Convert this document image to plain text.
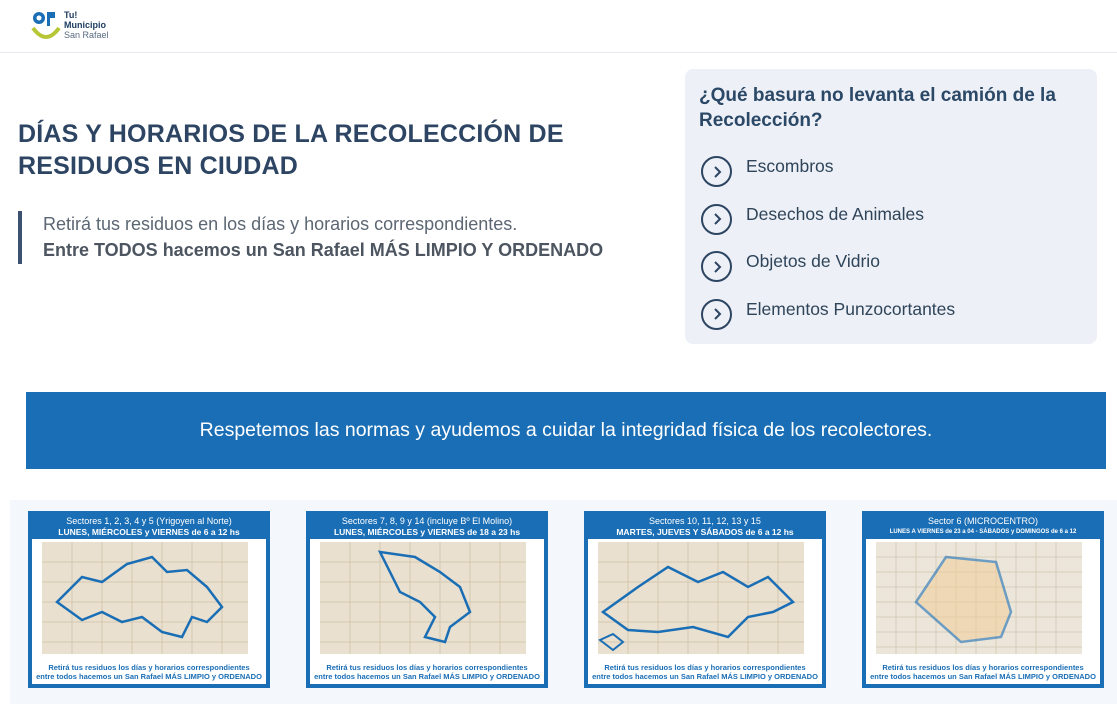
Tu!
Municipio
San Rafael
DÍAS Y HORARIOS DE LA RECOLECCIÓN DE RESIDUOS EN CIUDAD
Retirá tus residuos en los días y horarios correspondientes.
Entre TODOS hacemos un San Rafael MÁS LIMPIO Y ORDENADO
¿Qué basura no levanta el camión de la Recolección?
Escombros
Desechos de Animales
Objetos de Vidrio
Elementos Punzocortantes
Respetemos las normas y ayudemos a cuidar la integridad física de los recolectores.
Sectores 1, 2, 3, 4 y 5 (Yrigoyen al Norte)
LUNES, MIÉRCOLES y VIERNES de 6 a 12 hs
Retirá tus residuos los días y horarios correspondientes
entre todos hacemos un San Rafael MÁS LIMPIO y ORDENADO
Sectores 7, 8, 9 y 14 (incluye Bº El Molino)
LUNES, MIÉRCOLES y VIERNES de 18 a 23 hs
Retirá tus residuos los días y horarios correspondientes
entre todos hacemos un San Rafael MÁS LIMPIO y ORDENADO
Sectores 10, 11, 12, 13 y 15
MARTES, JUEVES Y SÁBADOS de 6 a 12 hs
Retirá tus residuos los días y horarios correspondientes
entre todos hacemos un San Rafael MÁS LIMPIO y ORDENADO
Sector 6 (MICROCENTRO)
LUNES A VIERNES de 23 a 04 - SÁBADOS y DOMINGOS de 6 a 12
Retirá tus residuos los días y horarios correspondientes
entre todos hacemos un San Rafael MÁS LIMPIO y ORDENADO
